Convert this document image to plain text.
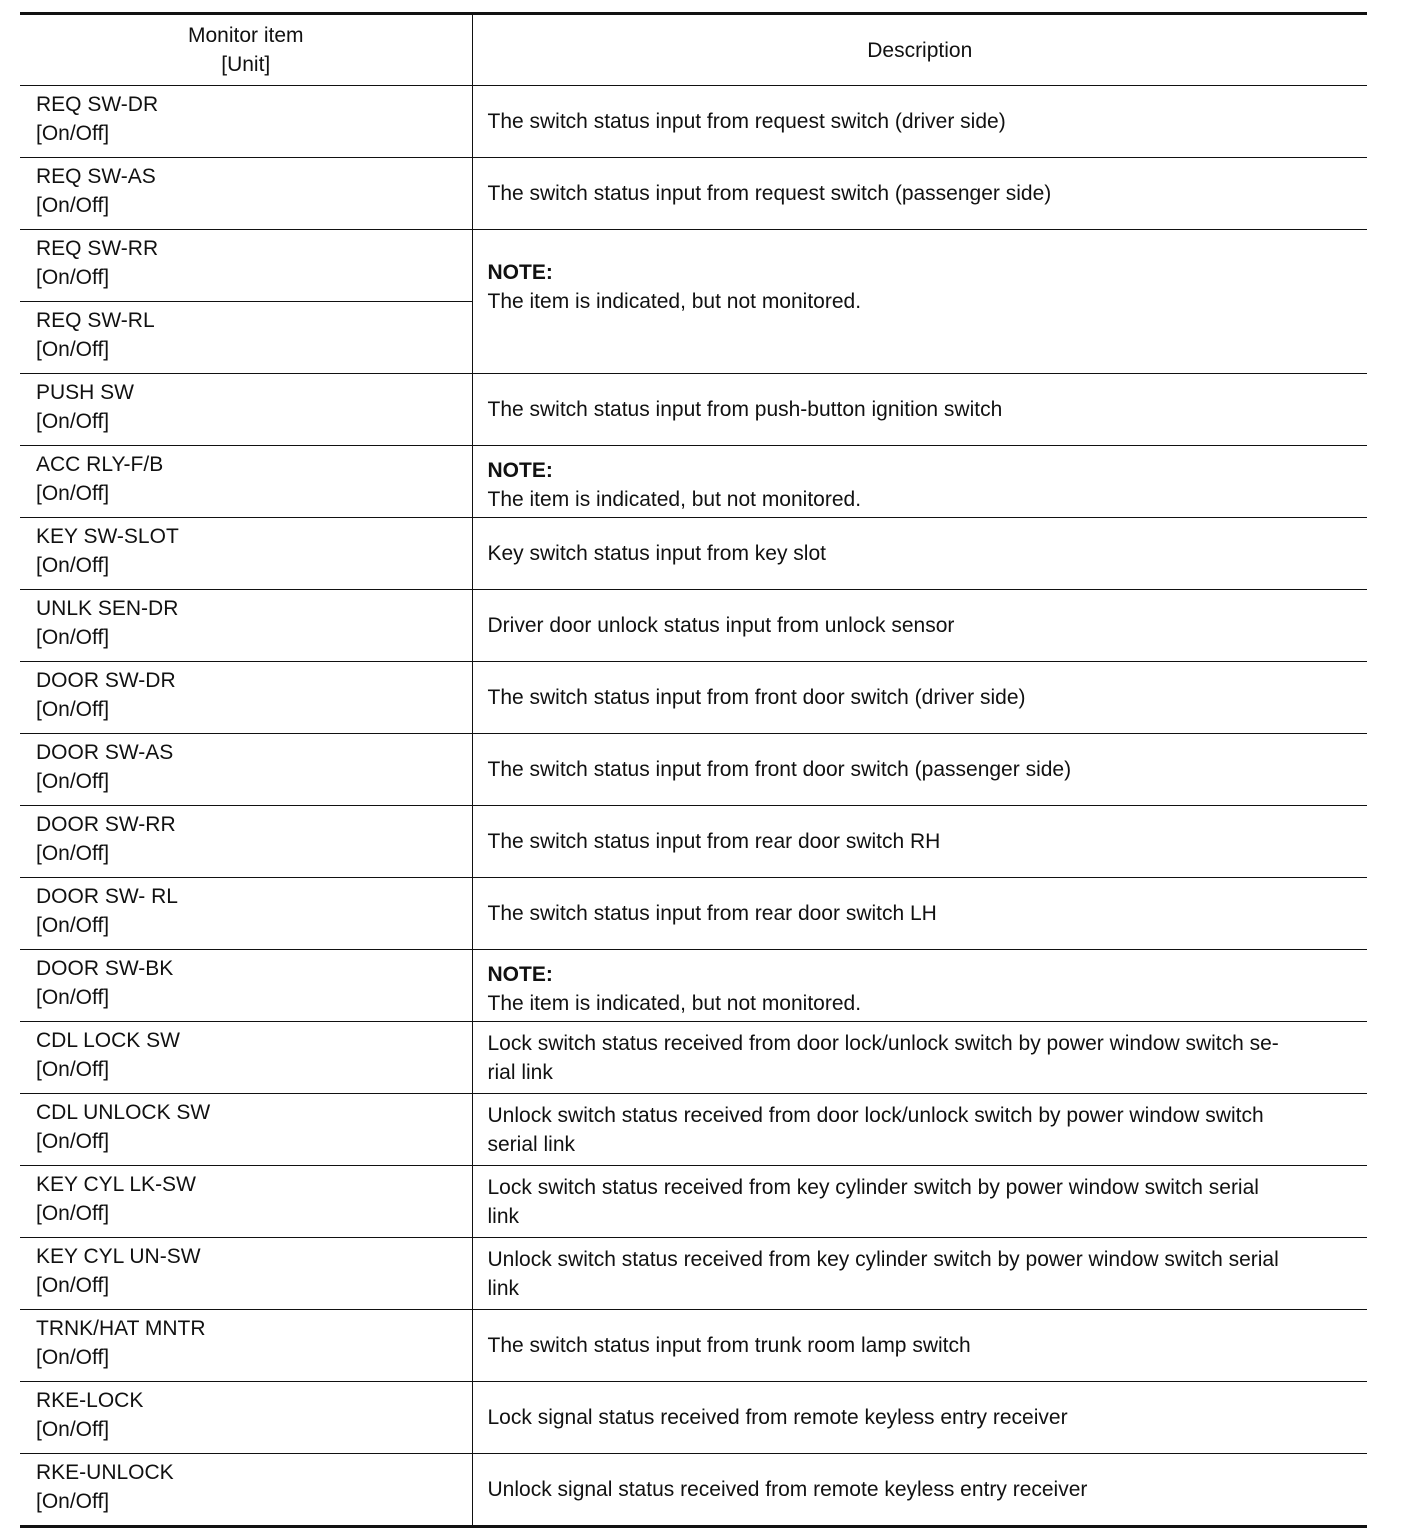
Monitor item
[Unit]	Description

REQ SW-DR
[On/Off]	The switch status input from request switch (driver side)

REQ SW-AS
[On/Off]	The switch status input from request switch (passenger side)

REQ SW-RR
[On/Off]	NOTE:
The item is indicated, but not monitored.

REQ SW-RL
[On/Off]	

PUSH SW
[On/Off]	The switch status input from push-button ignition switch

ACC RLY-F/B
[On/Off]	NOTE:
The item is indicated, but not monitored.

KEY SW-SLOT
[On/Off]	Key switch status input from key slot

UNLK SEN-DR
[On/Off]	Driver door unlock status input from unlock sensor

DOOR SW-DR
[On/Off]	The switch status input from front door switch (driver side)

DOOR SW-AS
[On/Off]	The switch status input from front door switch (passenger side)

DOOR SW-RR
[On/Off]	The switch status input from rear door switch RH

DOOR SW- RL
[On/Off]	The switch status input from rear door switch LH

DOOR SW-BK
[On/Off]	NOTE:
The item is indicated, but not monitored.

CDL LOCK SW
[On/Off]	Lock switch status received from door lock/unlock switch by power window switch se-
rial link

CDL UNLOCK SW
[On/Off]	Unlock switch status received from door lock/unlock switch by power window switch
serial link

KEY CYL LK-SW
[On/Off]	Lock switch status received from key cylinder switch by power window switch serial
link

KEY CYL UN-SW
[On/Off]	Unlock switch status received from key cylinder switch by power window switch serial
link

TRNK/HAT MNTR
[On/Off]	The switch status input from trunk room lamp switch

RKE-LOCK
[On/Off]	Lock signal status received from remote keyless entry receiver

RKE-UNLOCK
[On/Off]	Unlock signal status received from remote keyless entry receiver
